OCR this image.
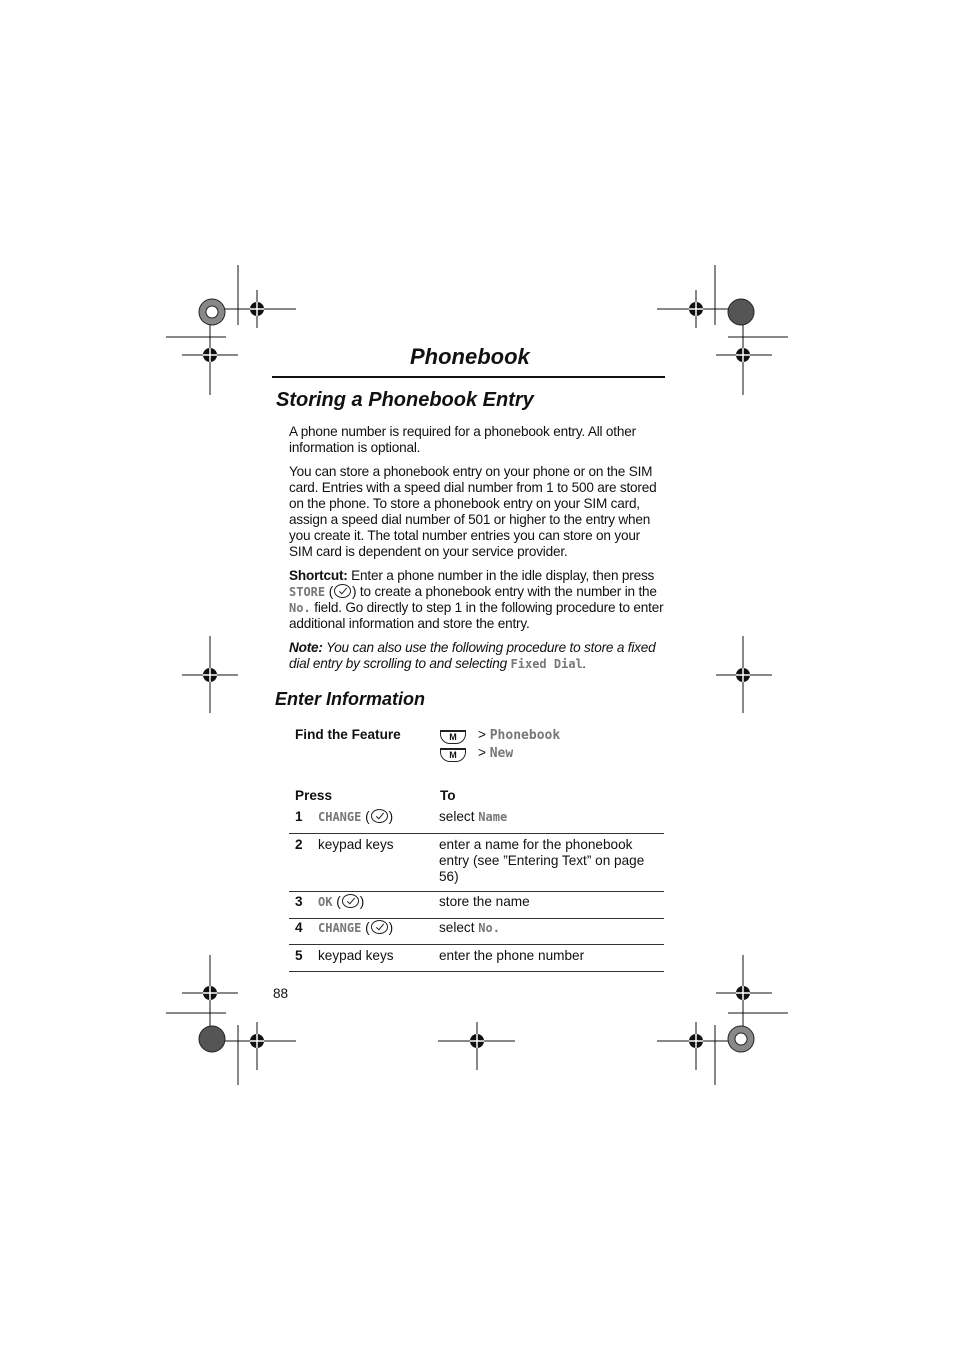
Phonebook
Storing a Phonebook Entry
A phone number is required for a phonebook entry. All other information is optional.
You can store a phonebook entry on your phone or on the SIM card. Entries with a speed dial number from 1 to 500 are stored on the phone. To store a phonebook entry on your SIM card, assign a speed dial number of 501 or higher to the entry when you create it. The total number entries you can store on your SIM card is dependent on your service provider.
Shortcut: Enter a phone number in the idle display, then press STORE ( ) to create a phonebook entry with the number in the No. field. Go directly to step 1 in the following procedure to enter additional information and store the entry.
Note: You can also use the following procedure to store a fixed dial entry by scrolling to and selecting Fixed Dial.
Enter Information
Find the Feature	M > Phonebook
M > New
Press	To
1 CHANGE ( )	select Name
2 keypad keys	enter a name for the phonebook entry (see ”Entering Text” on page 56)
3 OK ( )	store the name
4 CHANGE ( )	select No.
5 keypad keys	enter the phone number
88
